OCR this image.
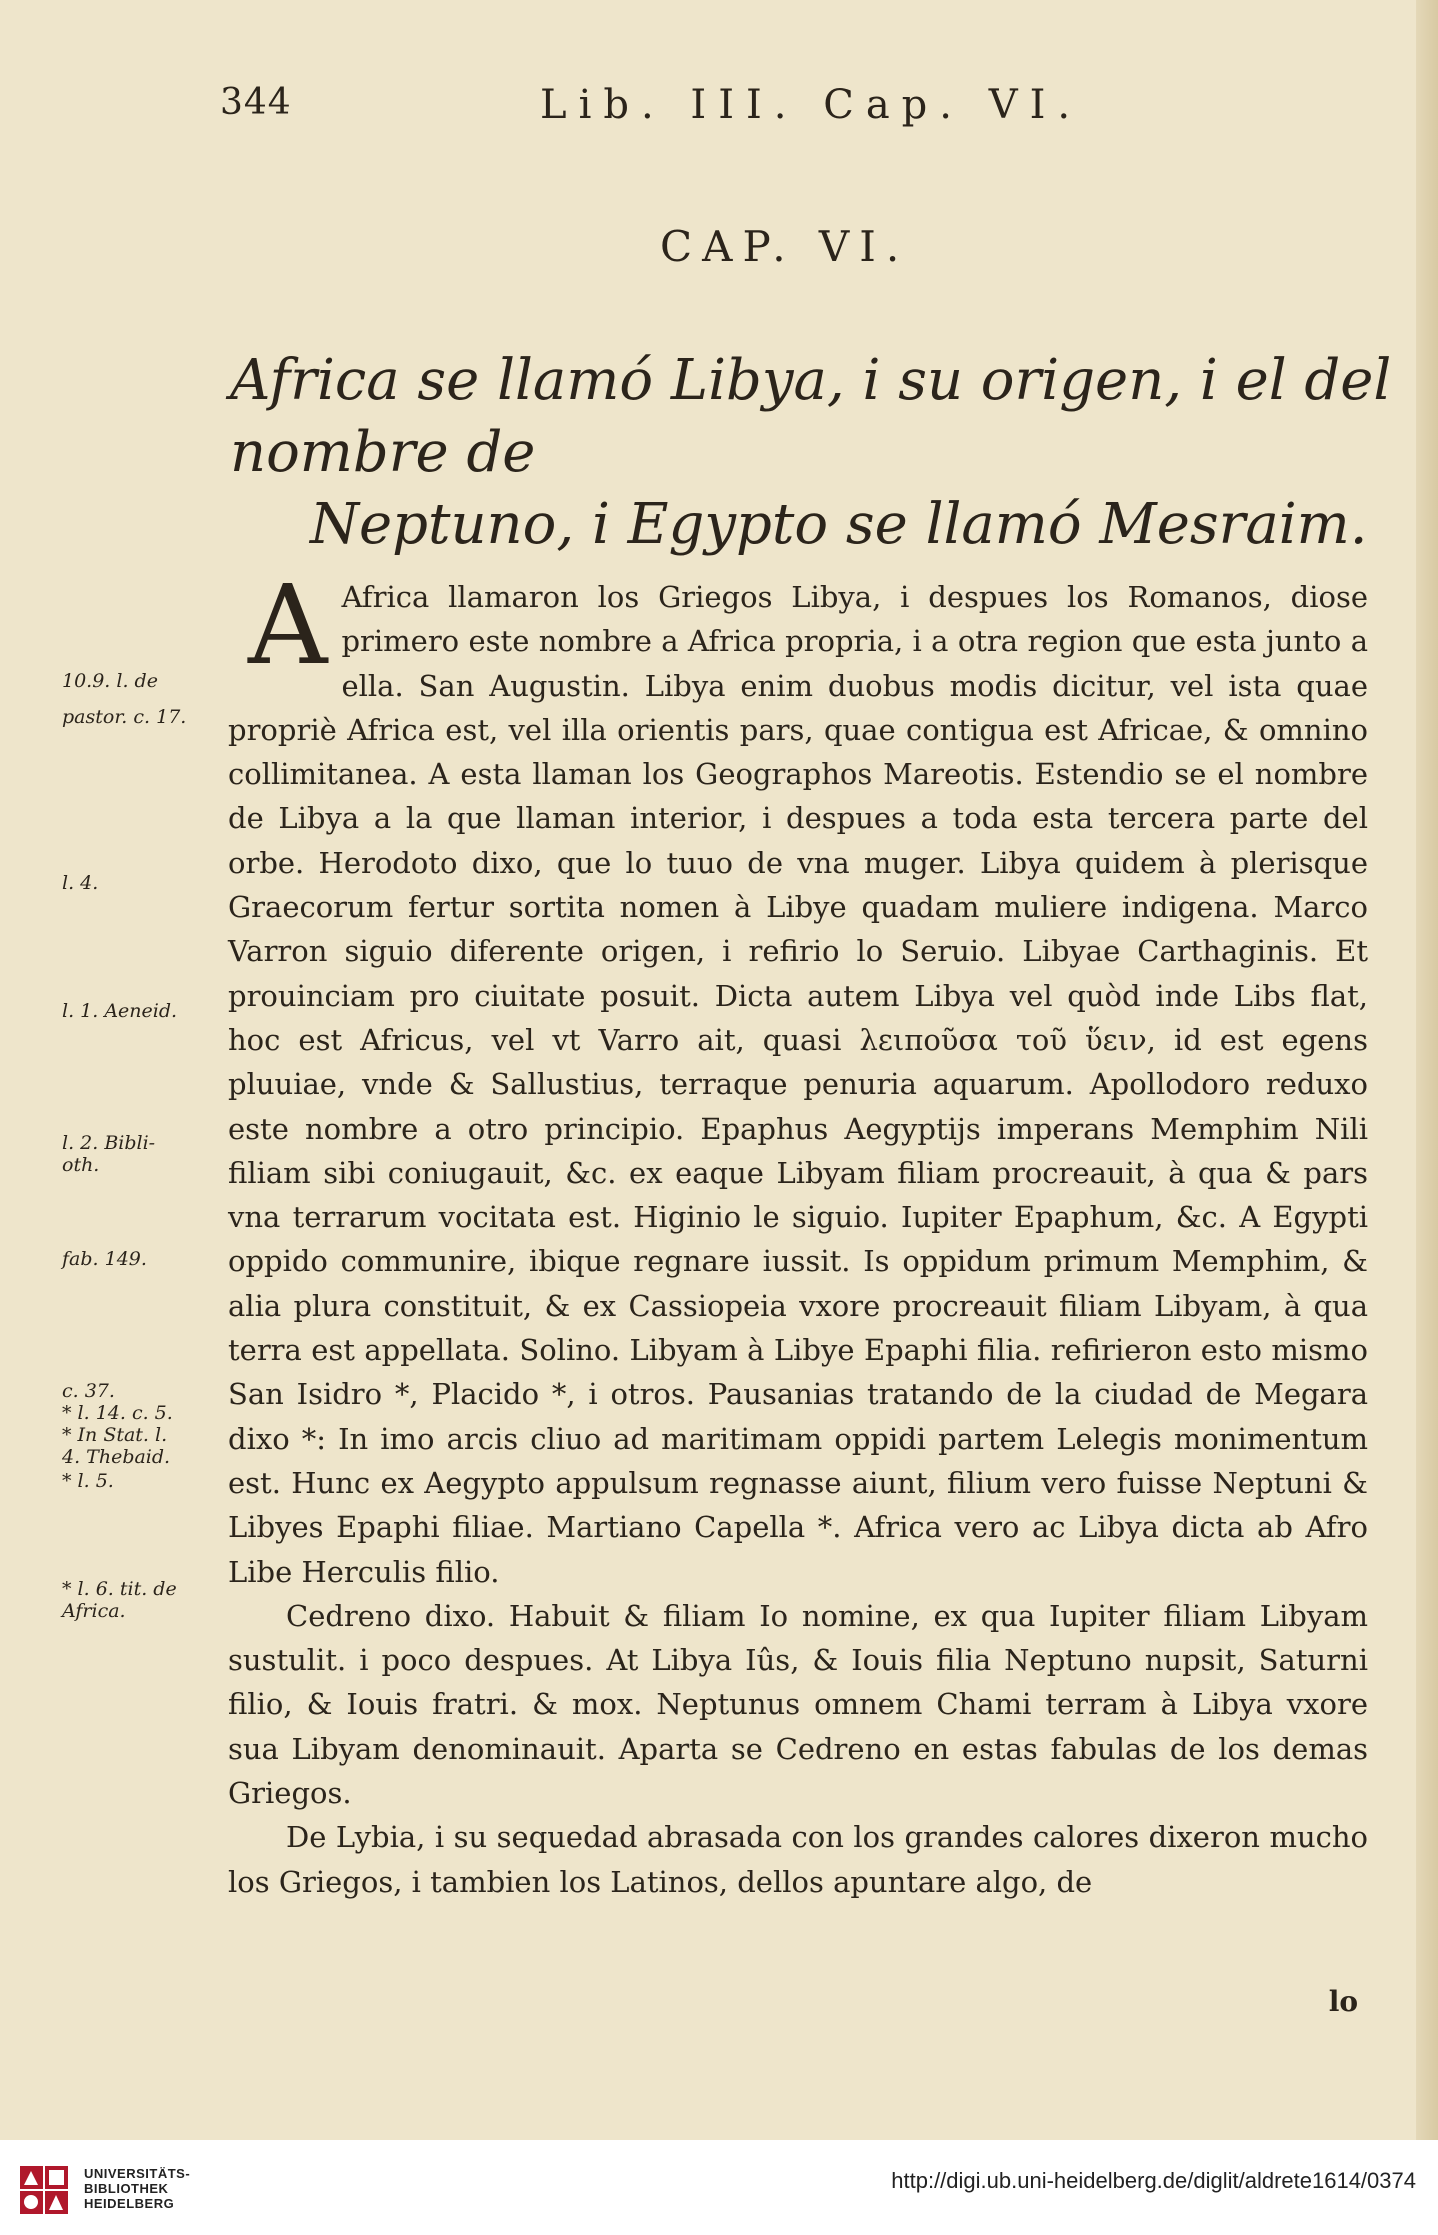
344	Lib. III. Cap. VI.
CAP. VI.
Africa se llamó Libya, i su origen, i el del nombre de
Neptuno, i Egypto se llamó Mesraim.
10.9. l. de
pastor. c. 17.
l. 4.
l. 1. Aeneid.
l. 2. Bibli-
oth.
fab. 149.
c. 37.
* l. 14. c. 5.
* In Stat. l.
4. Thebaid.
* l. 5.
* l. 6. tit. de
Africa.

A Africa llamaron los Griegos Libya, i despues los Romanos, diose primero este nombre a Africa propria, i a otra region que esta junto a ella. San Augustin. Libya enim duobus modis dicitur, vel ista quae propriè Africa est, vel illa orientis pars, quae contigua est Africae, & omnino collimitanea. A esta llaman los Geographos Mareotis. Estendio se el nombre de Libya a la que llaman interior, i despues a toda esta tercera parte del orbe. Herodoto dixo, que lo tuuo de vna muger. Libya quidem à plerisque Graecorum fertur sortita nomen à Libye quadam muliere indigena. Marco Varron siguio diferente origen, i refirio lo Seruio. Libyae Carthaginis. Et prouinciam pro ciuitate posuit. Dicta autem Libya vel quòd inde Libs flat, hoc est Africus, vel vt Varro ait, quasi λειποῦσα τοῦ ὕειν, id est egens pluuiae, vnde & Sallustius, terraque penuria aquarum. Apollodoro reduxo este nombre a otro principio. Epaphus Aegyptijs imperans Memphim Nili filiam sibi coniugauit, &c. ex eaque Libyam filiam procreauit, à qua & pars vna terrarum vocitata est. Higinio le siguio. Iupiter Epaphum, &c. A Egypti oppido communire, ibique regnare iussit. Is oppidum primum Memphim, & alia plura constituit, & ex Cassiopeia vxore procreauit filiam Libyam, à qua terra est appellata. Solino. Libyam à Libye Epaphi filia. refirieron esto mismo San Isidro *, Placido *, i otros. Pausanias tratando de la ciudad de Megara dixo *: In imo arcis cliuo ad maritimam oppidi partem Lelegis monimentum est. Hunc ex Aegypto appulsum regnasse aiunt, filium vero fuisse Neptuni & Libyes Epaphi filiae. Martiano Capella *. Africa vero ac Libya dicta ab Afro Libe Herculis filio.

Cedreno dixo. Habuit & filiam Io nomine, ex qua Iupiter filiam Libyam sustulit. i poco despues. At Libya Iûs, & Iouis filia Neptuno nupsit, Saturni filio, & Iouis fratri. & mox. Neptunus omnem Chami terram à Libya vxore sua Libyam denominauit. Aparta se Cedreno en estas fabulas de los demas Griegos.

De Lybia, i su sequedad abrasada con los grandes calores dixeron mucho los Griegos, i tambien los Latinos, dellos apuntare algo, de

lo
UNIVERSITÄTS-
BIBLIOTHEK
HEIDELBERG
http://digi.ub.uni-heidelberg.de/diglit/aldrete1614/0374
